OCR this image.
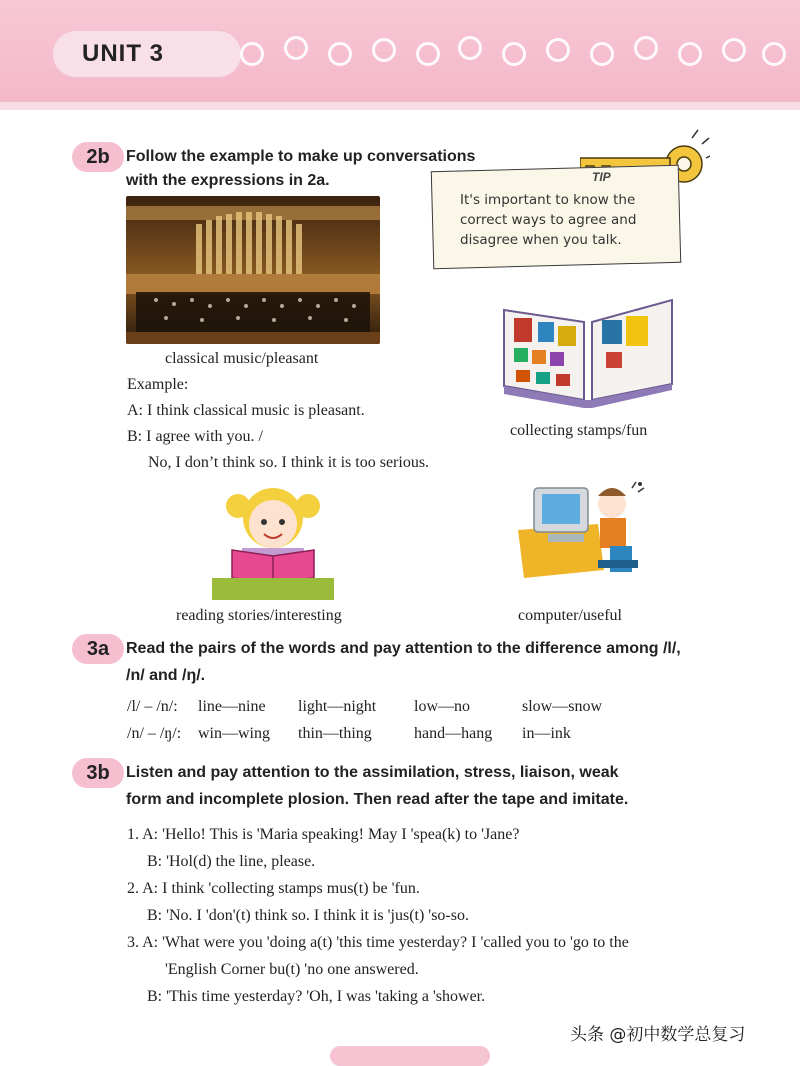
UNIT 3
2b	Follow the example to make up conversations
with the expressions in 2a.
classical music/pleasant
Example:
A: I think classical music is pleasant.
B: I agree with you. /
No, I don’t think so. I think it is too serious.
TIP
It's important to know the
correct ways to agree and
disagree when you talk.
collecting stamps/fun
reading stories/interesting	computer/useful
3a	Read the pairs of the words and pay attention to the difference among /l/,
/n/ and /ŋ/.
/l/ – /n/: line—nine light—night low—no	slow—snow
/n/ – /ŋ/: win—wing thin—thing	hand—hang in—ink
3b	Listen and pay attention to the assimilation, stress, liaison, weak
form and incomplete plosion. Then read after the tape and imitate.
1. A: 'Hello! This is 'Maria speaking! May I 'spea(k) to 'Jane?
B: 'Hol(d) the line, please.
2. A: I think 'collecting stamps mus(t) be 'fun.
B: 'No. I 'don'(t) think so. I think it is 'jus(t) 'so-so.
3. A: 'What were you 'doing a(t) 'this time yesterday? I 'called you to 'go to the
'English Corner bu(t) 'no one answered.
B: 'This time yesterday? 'Oh, I was 'taking a 'shower.
头条 @初中数学总复习
